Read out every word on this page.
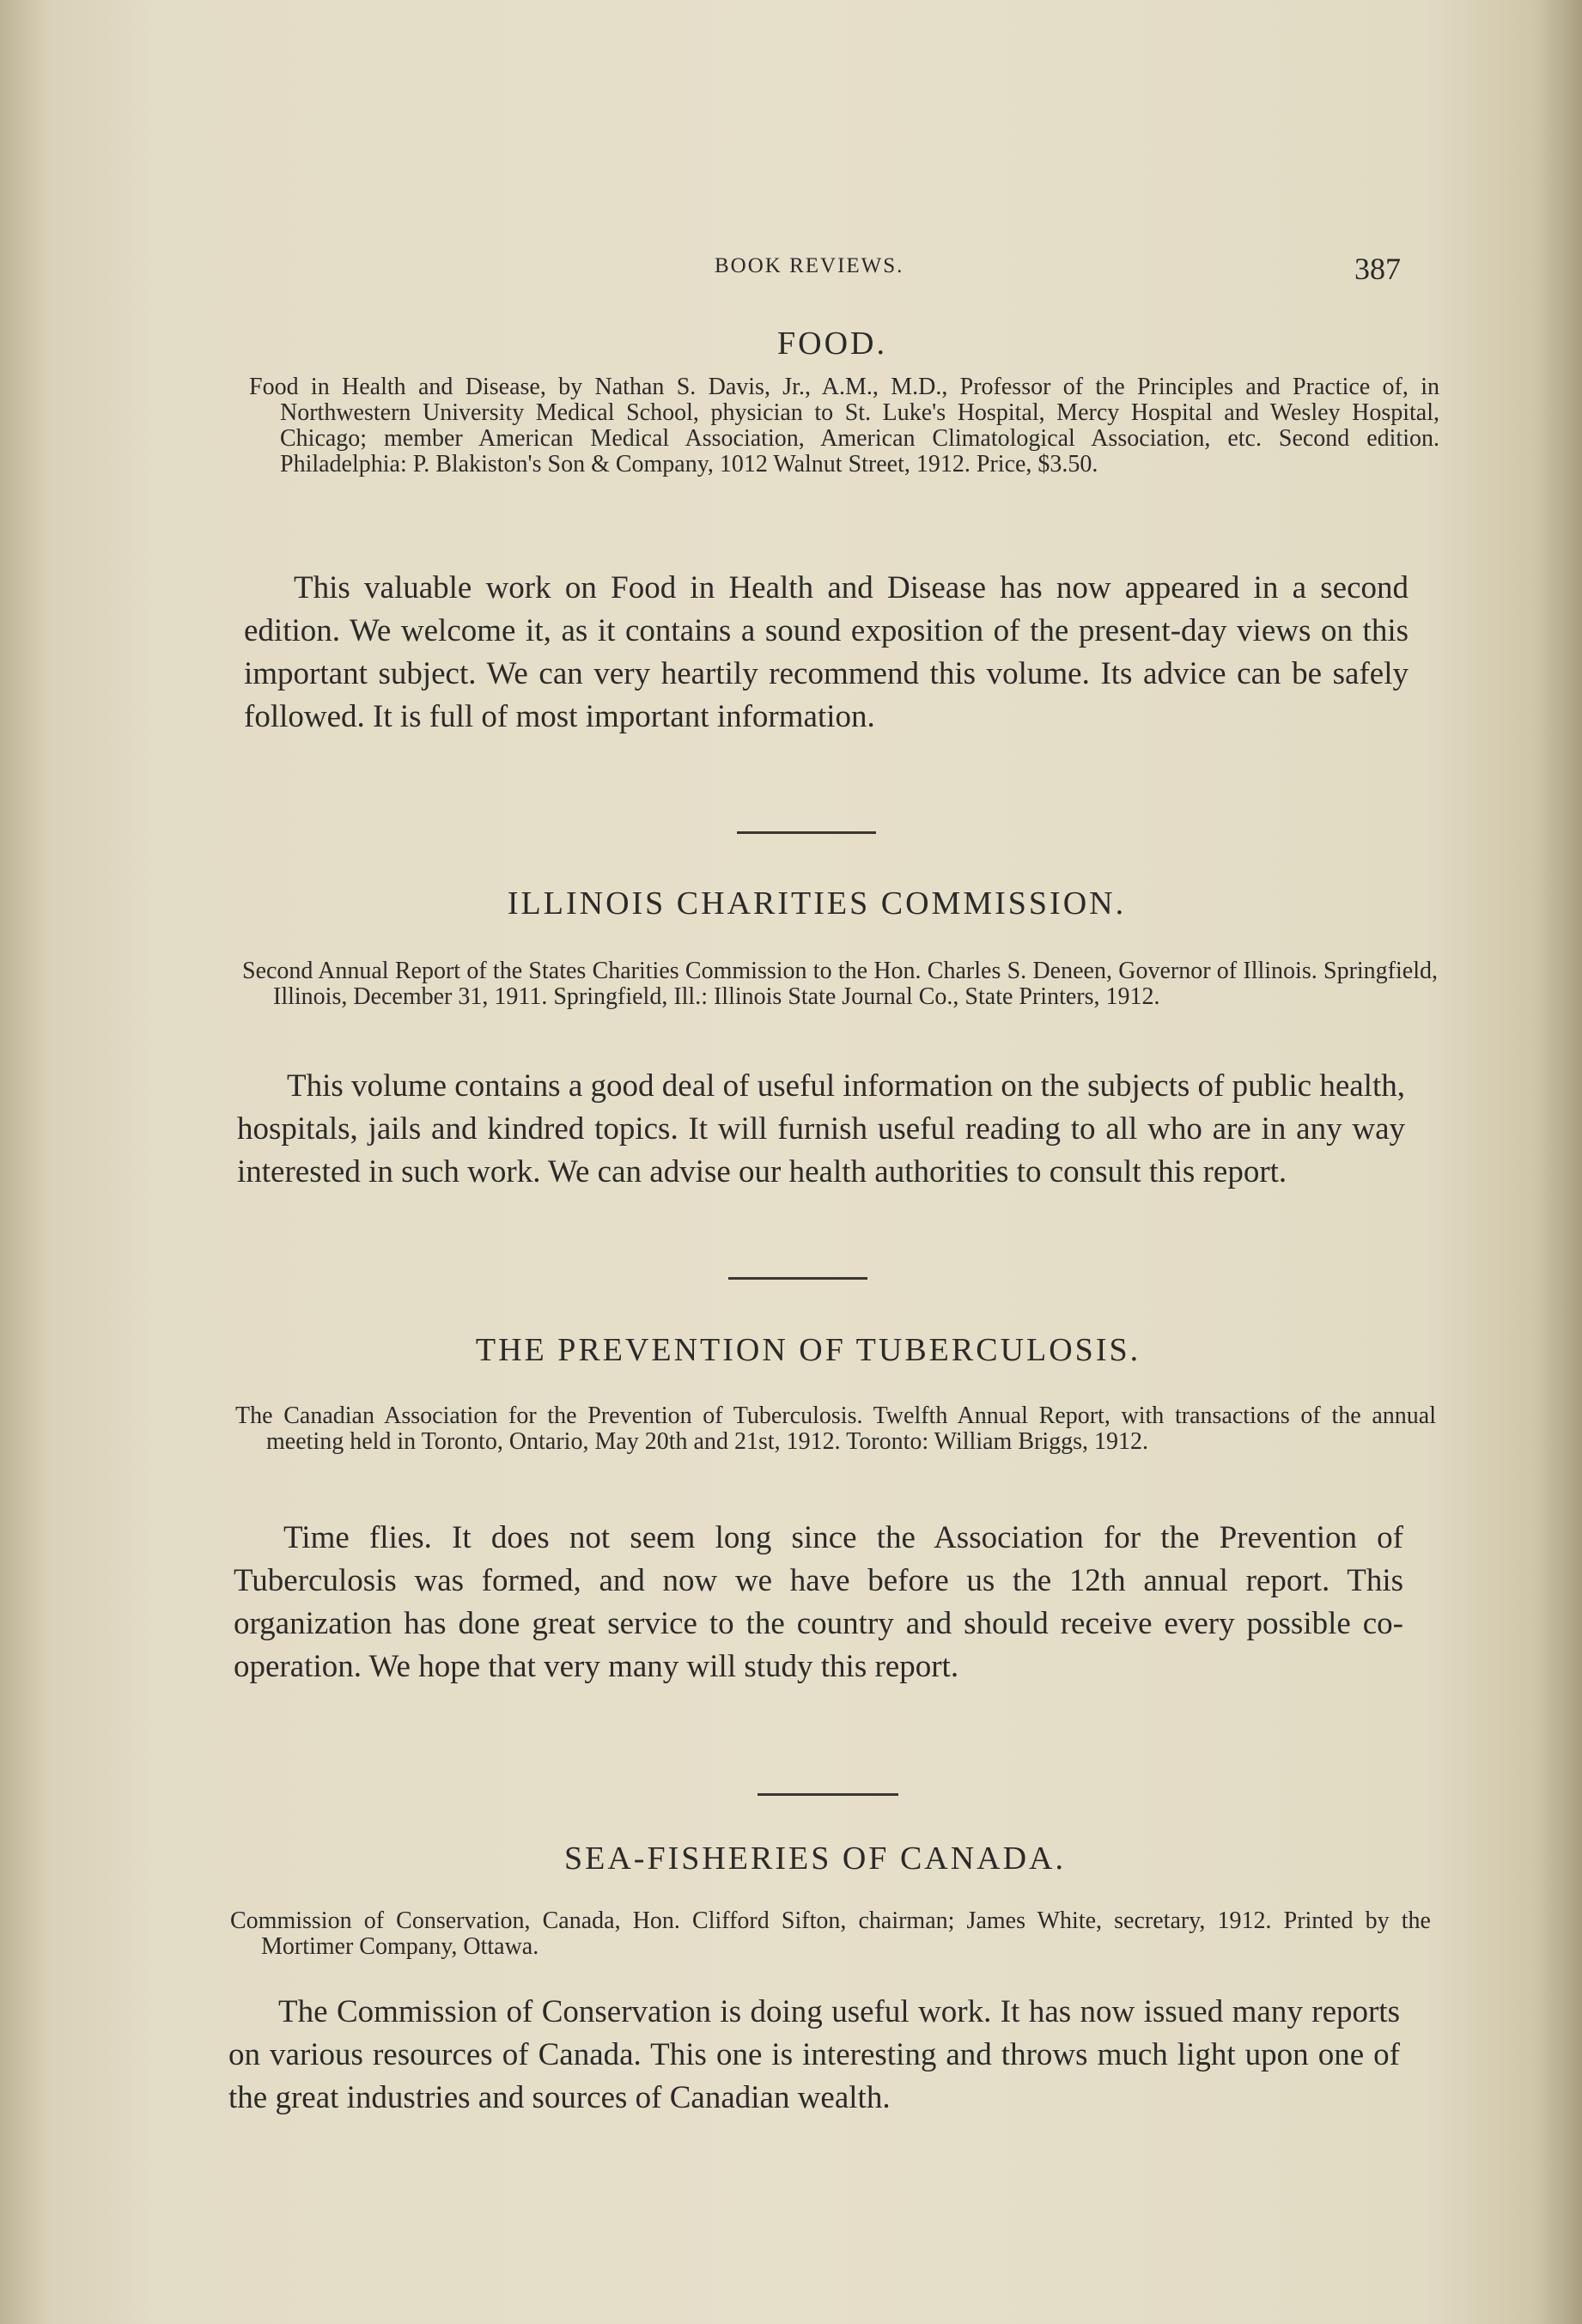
BOOK REVIEWS.	387
FOOD.
Food in Health and Disease, by Nathan S. Davis, Jr., A.M., M.D., Professor of the Principles and Practice of, in Northwestern University Medical School, physician to St. Luke's Hospital, Mercy Hospital and Wesley Hospital, Chicago; member American Medical Association, American Climatological Association, etc. Second edition. Philadelphia: P. Blakiston's Son & Company, 1012 Walnut Street, 1912. Price, $3.50.
This valuable work on Food in Health and Disease has now appeared in a second edition. We welcome it, as it contains a sound exposition of the present-day views on this important subject. We can very heartily recommend this volume. Its advice can be safely followed. It is full of most important information.
ILLINOIS CHARITIES COMMISSION.
Second Annual Report of the States Charities Commission to the Hon. Charles S. Deneen, Governor of Illinois. Springfield, Illinois, December 31, 1911. Springfield, Ill.: Illinois State Journal Co., State Printers, 1912.
This volume contains a good deal of useful information on the subjects of public health, hospitals, jails and kindred topics. It will furnish useful reading to all who are in any way interested in such work. We can advise our health authorities to consult this report.
THE PREVENTION OF TUBERCULOSIS.
The Canadian Association for the Prevention of Tuberculosis. Twelfth Annual Report, with transactions of the annual meeting held in Toronto, Ontario, May 20th and 21st, 1912. Toronto: William Briggs, 1912.
Time flies. It does not seem long since the Association for the Prevention of Tuberculosis was formed, and now we have before us the 12th annual report. This organization has done great service to the country and should receive every possible co-operation. We hope that very many will study this report.
SEA-FISHERIES OF CANADA.
Commission of Conservation, Canada, Hon. Clifford Sifton, chairman; James White, secretary, 1912. Printed by the Mortimer Company, Ottawa.
The Commission of Conservation is doing useful work. It has now issued many reports on various resources of Canada. This one is interesting and throws much light upon one of the great industries and sources of Canadian wealth.
